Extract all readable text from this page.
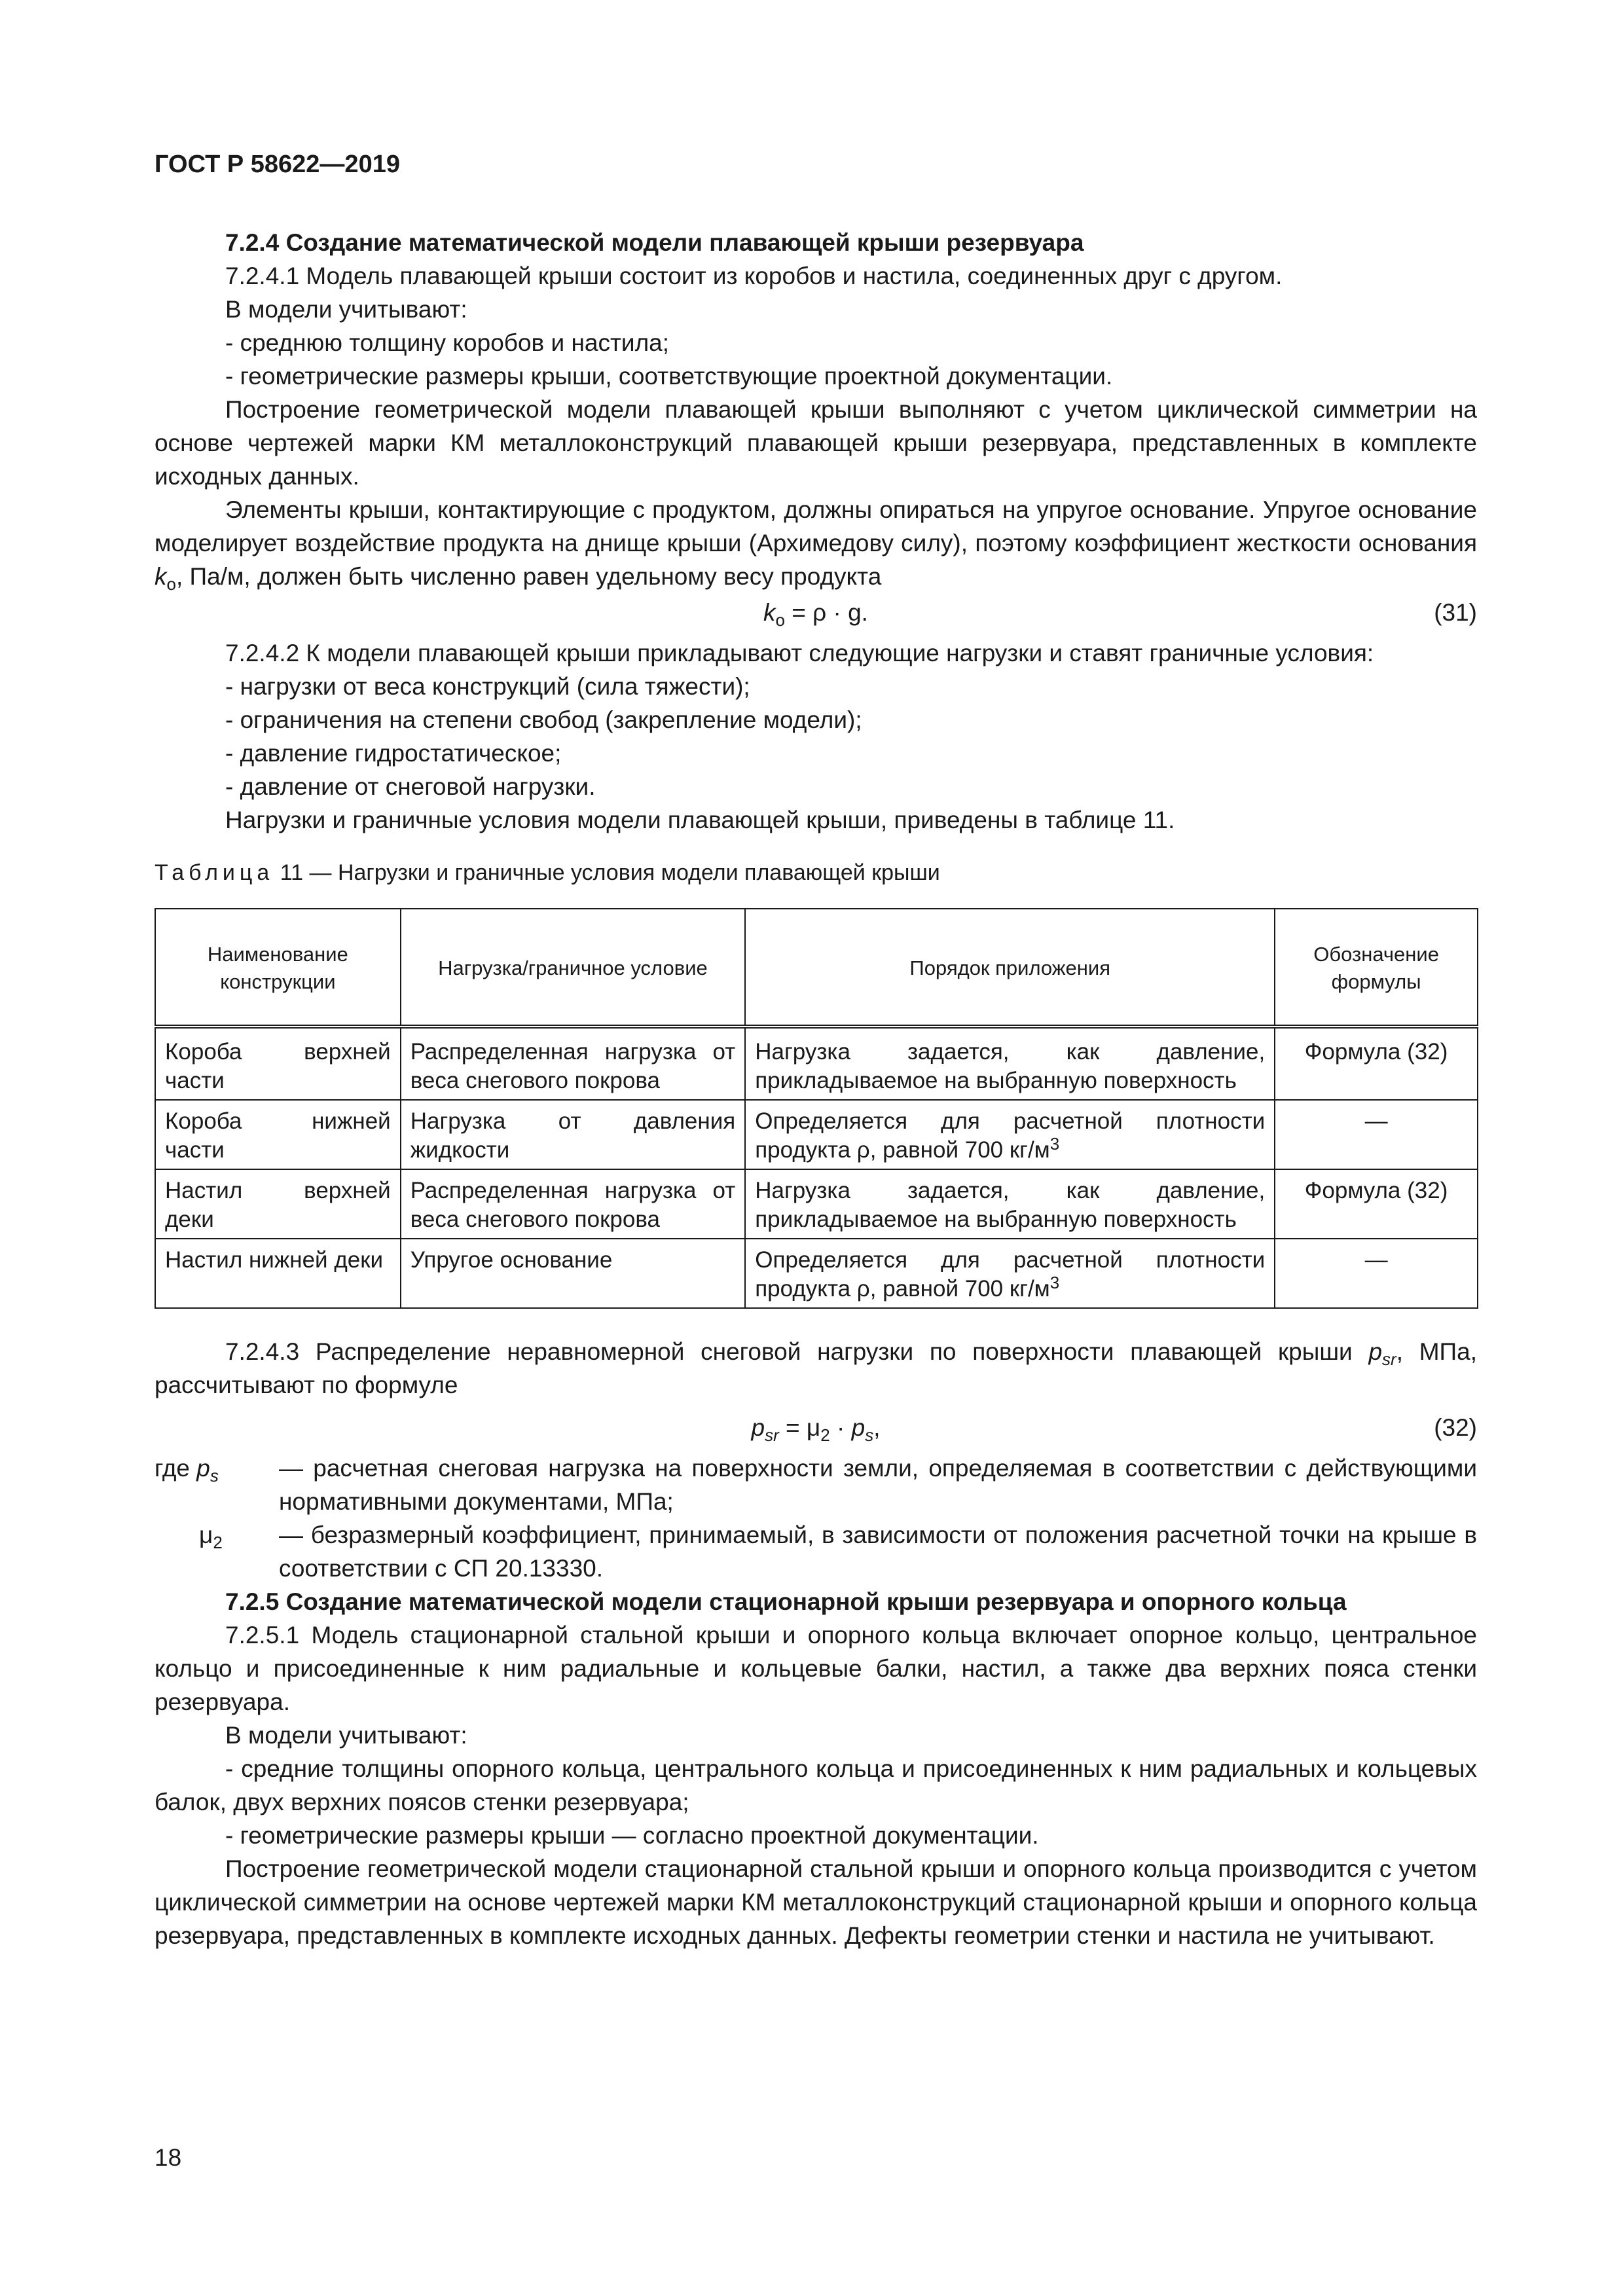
ГОСТ Р 58622—2019

7.2.4 Создание математической модели плавающей крыши резервуара

7.2.4.1 Модель плавающей крыши состоит из коробов и настила, соединенных друг с другом.

В модели учитывают:

- среднюю толщину коробов и настила;

- геометрические размеры крыши, соответствующие проектной документации.

Построение геометрической модели плавающей крыши выполняют с учетом циклической симметрии на основе чертежей марки КМ металлоконструкций плавающей крыши резервуара, представленных в комплекте исходных данных.

Элементы крыши, контактирующие с продуктом, должны опираться на упругое основание. Упругое основание моделирует воздействие продукта на днище крыши (Архимедову силу), поэтому коэффициент жесткости основания $k_о$, Па/м, должен быть численно равен удельному весу продукта

$k_о = \rho \cdot g$.	(31)

7.2.4.2 К модели плавающей крыши прикладывают следующие нагрузки и ставят граничные условия:

- нагрузки от веса конструкций (сила тяжести);

- ограничения на степени свобод (закрепление модели);

- давление гидростатическое;

- давление от снеговой нагрузки.

Нагрузки и граничные условия модели плавающей крыши, приведены в таблице 11.

Таблица 11 — Нагрузки и граничные условия модели плавающей крыши
Наименование конструкции	Нагрузка/граничное условие	Порядок приложения	Обозначение формулы
Короба верхней части	Распределенная нагрузка от веса снегового покрова	Нагрузка задается, как давление, прикладываемое на выбранную поверхность	Формула (32)
Короба нижней части	Нагрузка от давления жидкости	Определяется для расчетной плотности продукта ρ, равной 700 $кг/м^3$	—
Настил верхней деки	Распределенная нагрузка от веса снегового покрова	Нагрузка задается, как давление, прикладываемое на выбранную поверхность	Формула (32)
Настил нижней деки	Упругое основание	Определяется для расчетной плотности продукта ρ, равной 700 $кг/м^3$	—

7.2.4.3 Распределение неравномерной снеговой нагрузки по поверхности плавающей крыши $p_{sr}$, МПа, рассчитывают по формуле

$p_{sr} = \mu_2 \cdot p_s$,	(32)
где $p_s$ — расчетная снеговая нагрузка на поверхности земли, определяемая в соответствии с действующими нормативными документами, МПа;
$\mu_2$ — безразмерный коэффициент, принимаемый, в зависимости от положения расчетной точки на крыше в соответствии с СП 20.13330.

7.2.5 Создание математической модели стационарной крыши резервуара и опорного кольца

7.2.5.1 Модель стационарной стальной крыши и опорного кольца включает опорное кольцо, центральное кольцо и присоединенные к ним радиальные и кольцевые балки, настил, а также два верхних пояса стенки резервуара.

В модели учитывают:

- средние толщины опорного кольца, центрального кольца и присоединенных к ним радиальных и кольцевых балок, двух верхних поясов стенки резервуара;

- геометрические размеры крыши — согласно проектной документации.

Построение геометрической модели стационарной стальной крыши и опорного кольца производится с учетом циклической симметрии на основе чертежей марки КМ металлоконструкций стационарной крыши и опорного кольца резервуара, представленных в комплекте исходных данных. Дефекты геометрии стенки и настила не учитывают.

18
